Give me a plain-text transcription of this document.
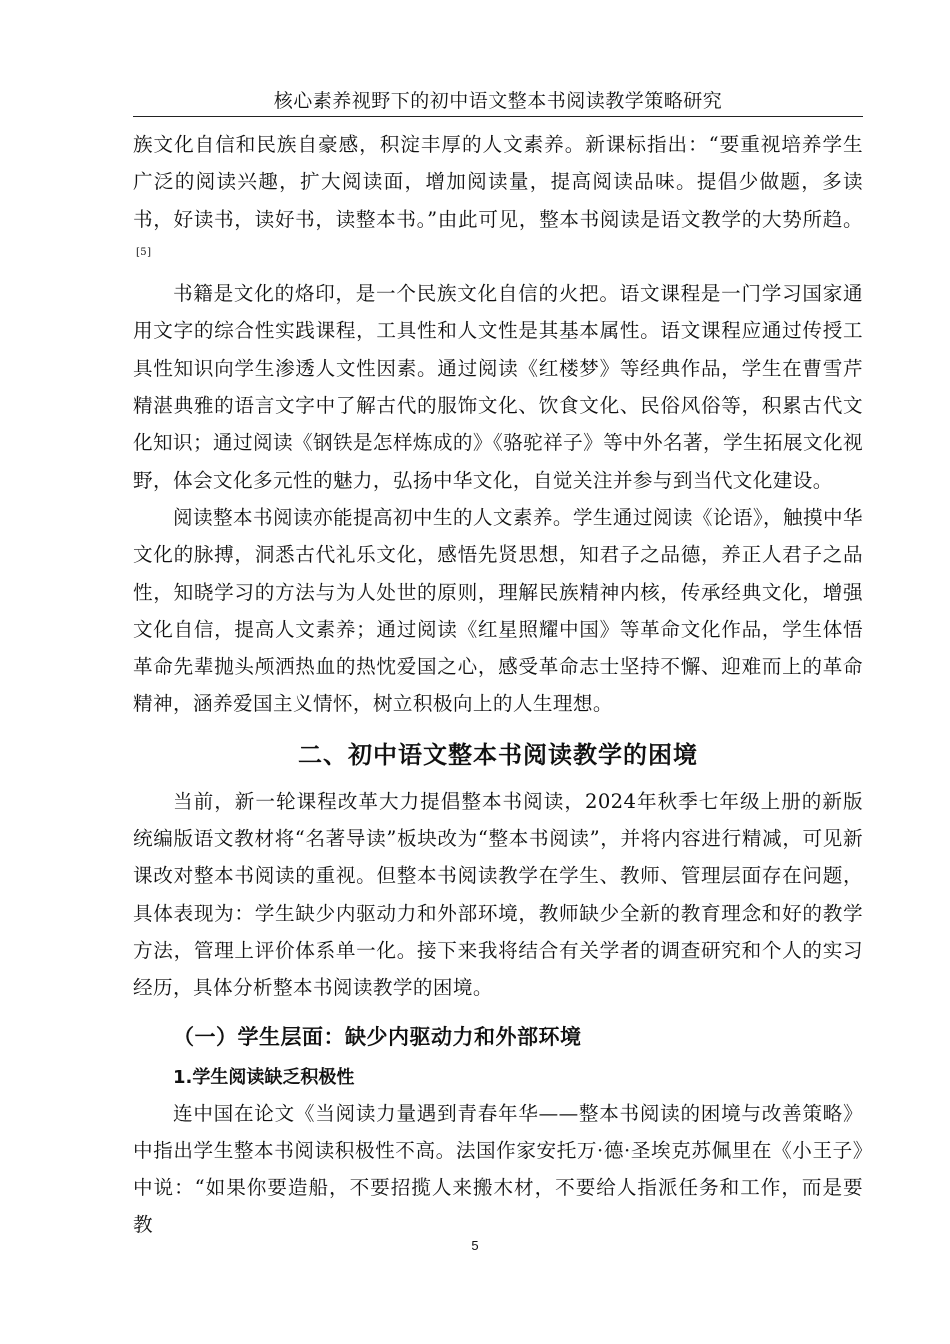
核心素养视野下的初中语文整本书阅读教学策略研究

族文化自信和民族自豪感，积淀丰厚的人文素养。新课标指出：“要重视培养学生广泛的阅读兴趣，扩大阅读面，增加阅读量，提高阅读品味。提倡少做题，多读书，好读书，读好书，读整本书。”由此可见，整本书阅读是语文教学的大势所趋。[5]

书籍是文化的烙印，是一个民族文化自信的火把。语文课程是一门学习国家通用文字的综合性实践课程，工具性和人文性是其基本属性。语文课程应通过传授工具性知识向学生渗透人文性因素。通过阅读《红楼梦》等经典作品，学生在曹雪芹精湛典雅的语言文字中了解古代的服饰文化、饮食文化、民俗风俗等，积累古代文化知识；通过阅读《钢铁是怎样炼成的》《骆驼祥子》等中外名著，学生拓展文化视野，体会文化多元性的魅力，弘扬中华文化，自觉关注并参与到当代文化建设。

阅读整本书阅读亦能提高初中生的人文素养。学生通过阅读《论语》，触摸中华文化的脉搏，洞悉古代礼乐文化，感悟先贤思想，知君子之品德，养正人君子之品性，知晓学习的方法与为人处世的原则，理解民族精神内核，传承经典文化，增强文化自信，提高人文素养；通过阅读《红星照耀中国》等革命文化作品，学生体悟革命先辈抛头颅洒热血的热忱爱国之心，感受革命志士坚持不懈、迎难而上的革命精神，涵养爱国主义情怀，树立积极向上的人生理想。

二、初中语文整本书阅读教学的困境

当前，新一轮课程改革大力提倡整本书阅读，2024年秋季七年级上册的新版统编版语文教材将“名著导读”板块改为“整本书阅读”，并将内容进行精减，可见新课改对整本书阅读的重视。但整本书阅读教学在学生、教师、管理层面存在问题，具体表现为：学生缺少内驱动力和外部环境，教师缺少全新的教育理念和好的教学方法，管理上评价体系单一化。接下来我将结合有关学者的调查研究和个人的实习经历，具体分析整本书阅读教学的困境。

（一）学生层面：缺少内驱动力和外部环境
1.学生阅读缺乏积极性

连中国在论文《当阅读力量遇到青春年华——整本书阅读的困境与改善策略》中指出学生整本书阅读积极性不高。法国作家安托万·德·圣埃克苏佩里在《小王子》中说：“如果你要造船，不要招揽人来搬木材，不要给人指派任务和工作，而是要教

5
